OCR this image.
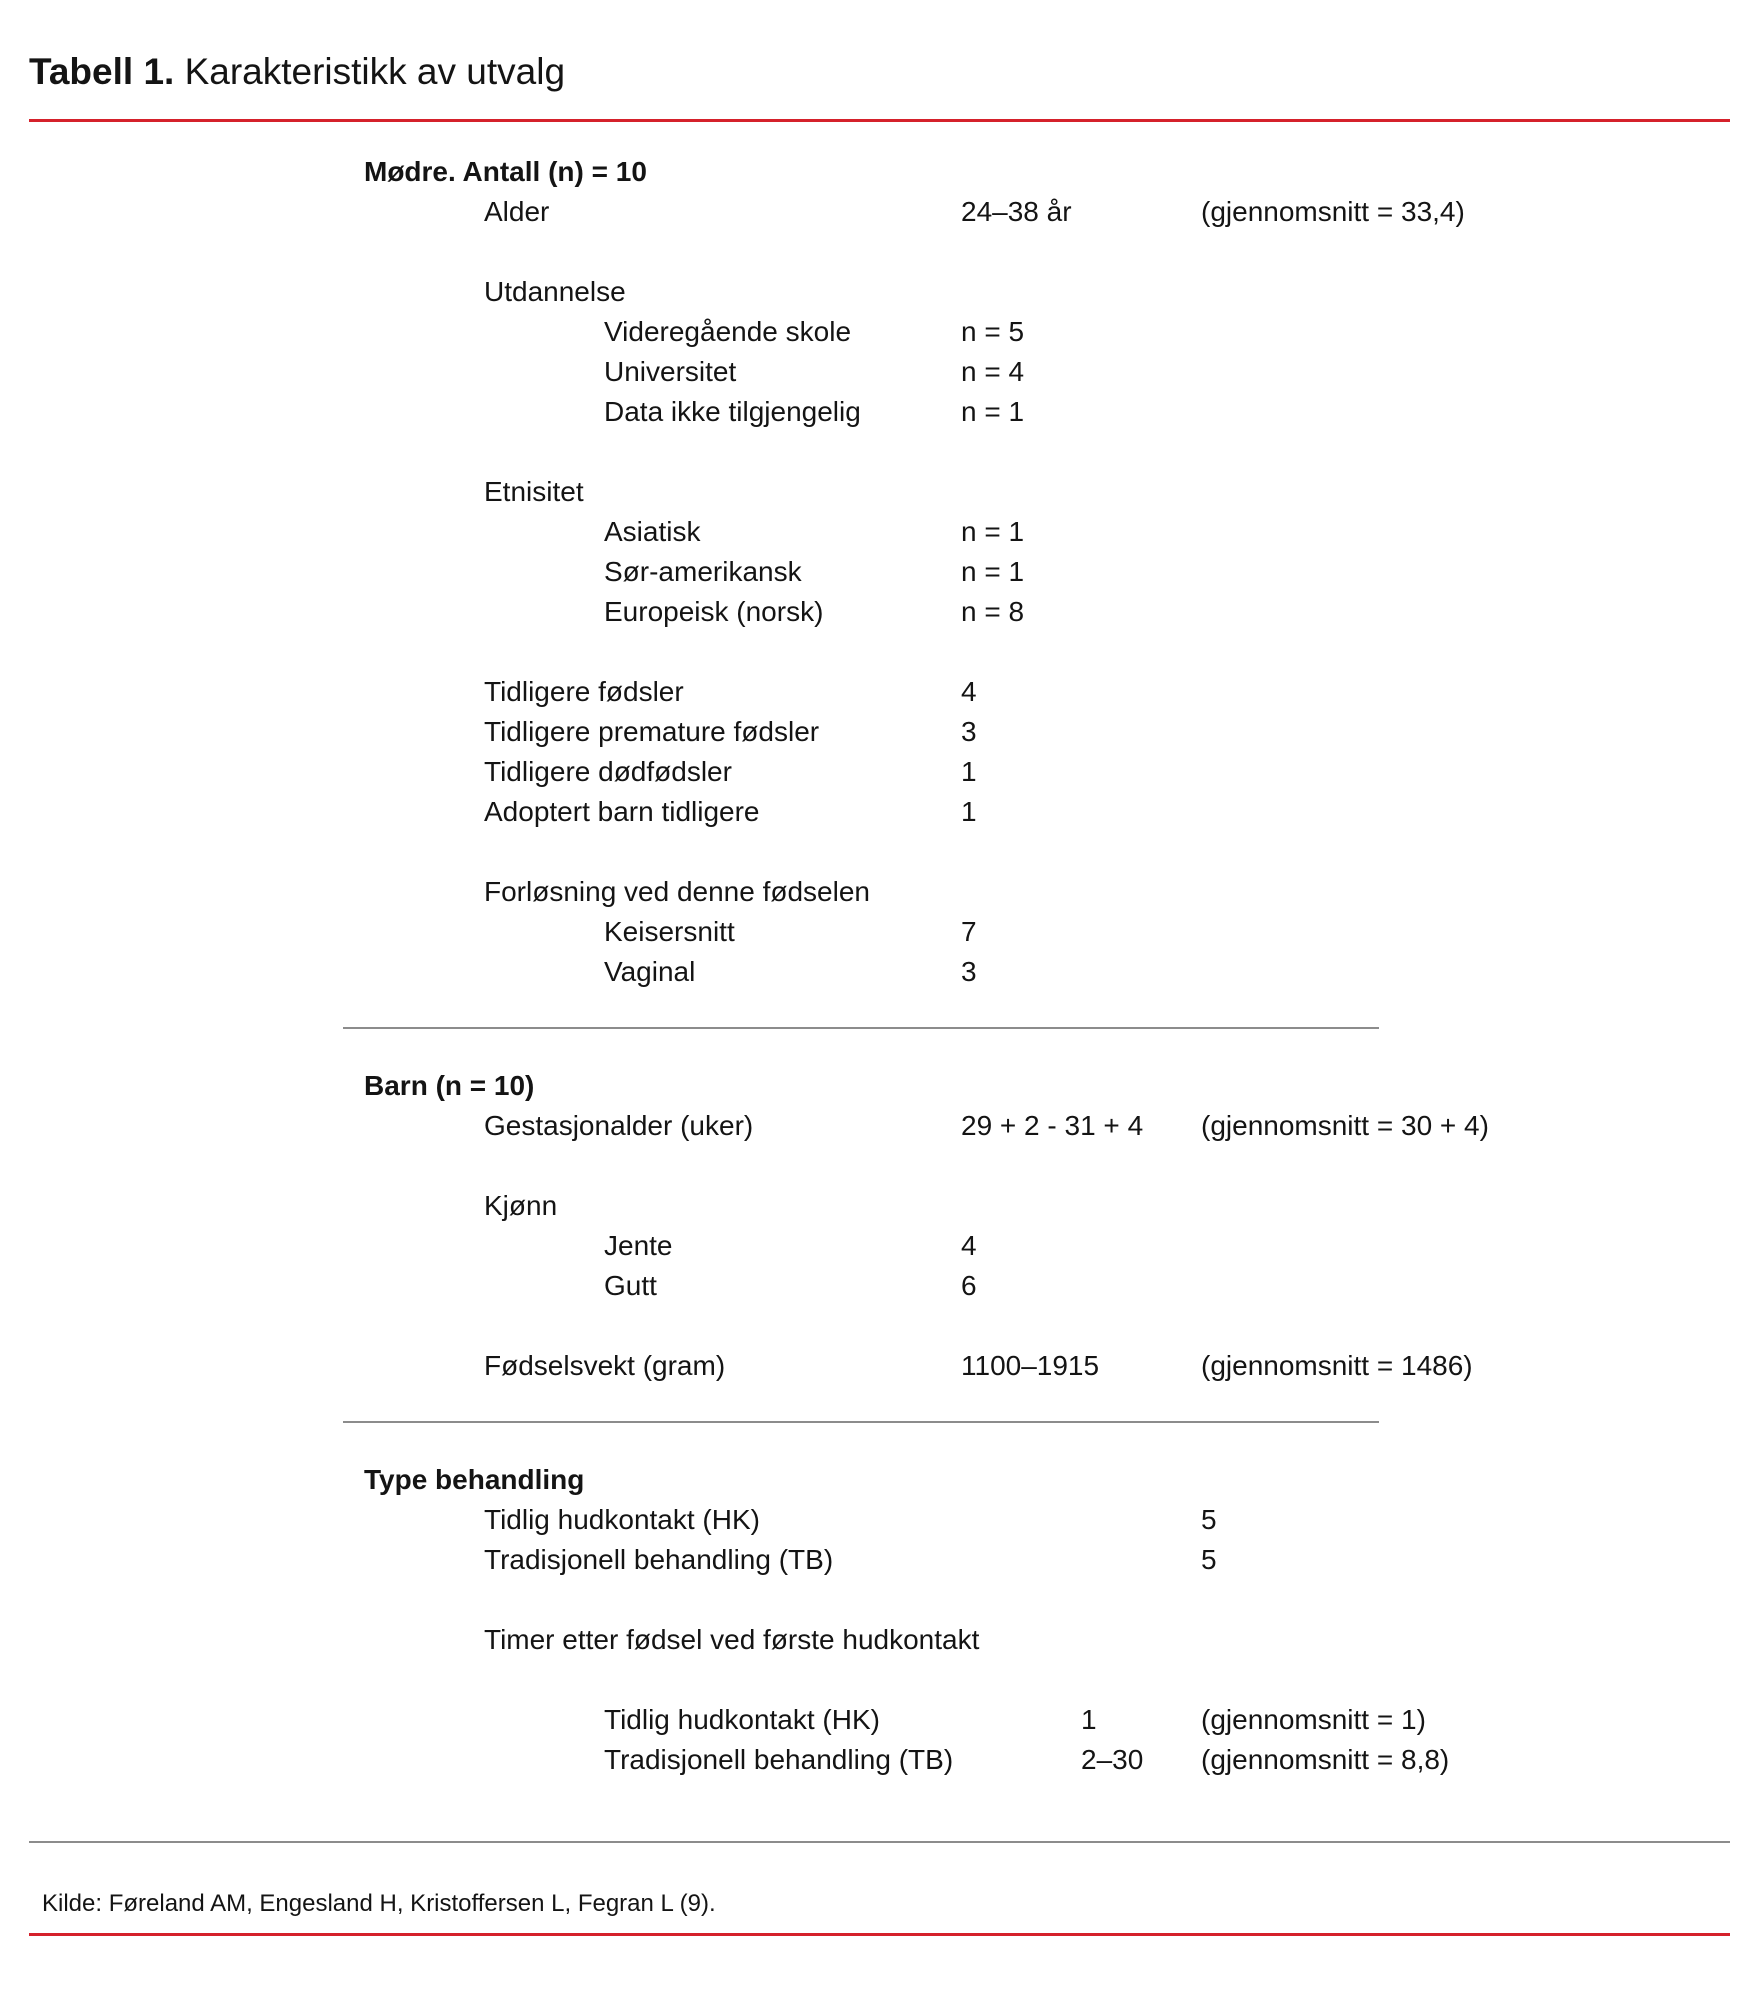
Tabell 1. Karakteristikk av utvalg
Mødre. Antall (n) = 10
Alder	24–38 år	(gjennomsnitt = 33,4)
Utdannelse
Videregående skole	n = 5
Universitet	n = 4
Data ikke tilgjengelig	n = 1
Etnisitet
Asiatisk	n = 1
Sør-amerikansk	n = 1
Europeisk (norsk)	n = 8
Tidligere fødsler	4
Tidligere premature fødsler	3
Tidligere dødfødsler	1
Adoptert barn tidligere	1
Forløsning ved denne fødselen
Keisersnitt	7
Vaginal	3
Barn (n = 10)
Gestasjonalder (uker)	29 + 2 - 31 + 4 (gjennomsnitt = 30 + 4)
Kjønn
Jente	4
Gutt	6
Fødselsvekt (gram)	1100–1915	(gjennomsnitt = 1486)
Type behandling
Tidlig hudkontakt (HK)	5
Tradisjonell behandling (TB)	5
Timer etter fødsel ved første hudkontakt
Tidlig hudkontakt (HK)	1	(gjennomsnitt = 1)
Tradisjonell behandling (TB)	2–30 (gjennomsnitt = 8,8)
Kilde: Føreland AM, Engesland H, Kristoffersen L, Fegran L (9).
